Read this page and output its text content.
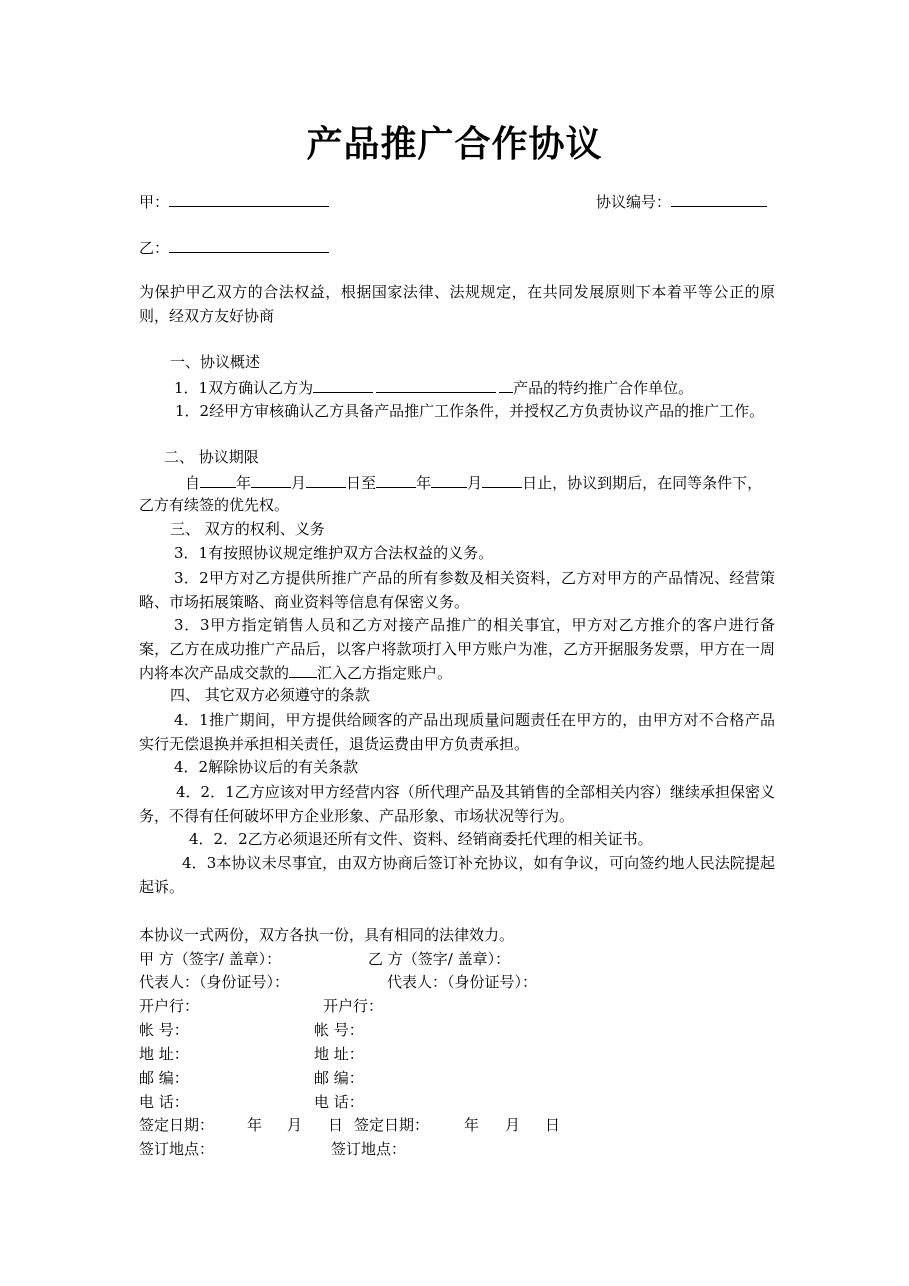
产品推广合作协议
甲：	协议编号：
乙：
为保护甲乙双方的合法权益，根据国家法律、法规规定，在共同发展原则下本着平等公正的原则，经双方友好协商
一、协议概述
1．1双方确认乙方为	产品的特约推广合作单位。
1．2经甲方审核确认乙方具备产品推广工作条件，并授权乙方负责协议产品的推广工作。
二、 协议期限
自 年	月	日至	年 月	日止，协议到期后，在同等条件下，
乙方有续签的优先权。
三、 双方的权利、义务
3．1有按照协议规定维护双方合法权益的义务。
3．2甲方对乙方提供所推广产品的所有参数及相关资料，乙方对甲方的产品情况、经营策略、市场拓展策略、商业资料等信息有保密义务。
3．3甲方指定销售人员和乙方对接产品推广的相关事宜，甲方对乙方推介的客户进行备案，乙方在成功推广产品后，以客户将款项打入甲方账户为准，乙方开据服务发票，甲方在一周内将本次产品成交款的 汇入乙方指定账户。
四、 其它双方必须遵守的条款
4．1推广期间，甲方提供给顾客的产品出现质量问题责任在甲方的，由甲方对不合格产品实行无偿退换并承担相关责任，退货运费由甲方负责承担。
4．2解除协议后的有关条款
4．2．1乙方应该对甲方经营内容（所代理产品及其销售的全部相关内容）继续承担保密义务，不得有任何破坏甲方企业形象、产品形象、市场状况等行为。
4．2．2乙方必须退还所有文件、资料、经销商委托代理的相关证书。
4．3本协议未尽事宜，由双方协商后签订补充协议，如有争议，可向签约地人民法院提起起诉。
本协议一式两份，双方各执一份，具有相同的法律效力。
甲 方（签字/ 盖章）：	乙 方（签字/ 盖章）：
代表人：（身份证号）：	代表人：（身份证号）：
开户行：	开户行：
帐 号：	帐 号：
地 址：	地 址：
邮 编：	邮 编：
电 话：	电 话：
签定日期： 年 月 日 签定日期： 年 月 日
签订地点：	签订地点：
